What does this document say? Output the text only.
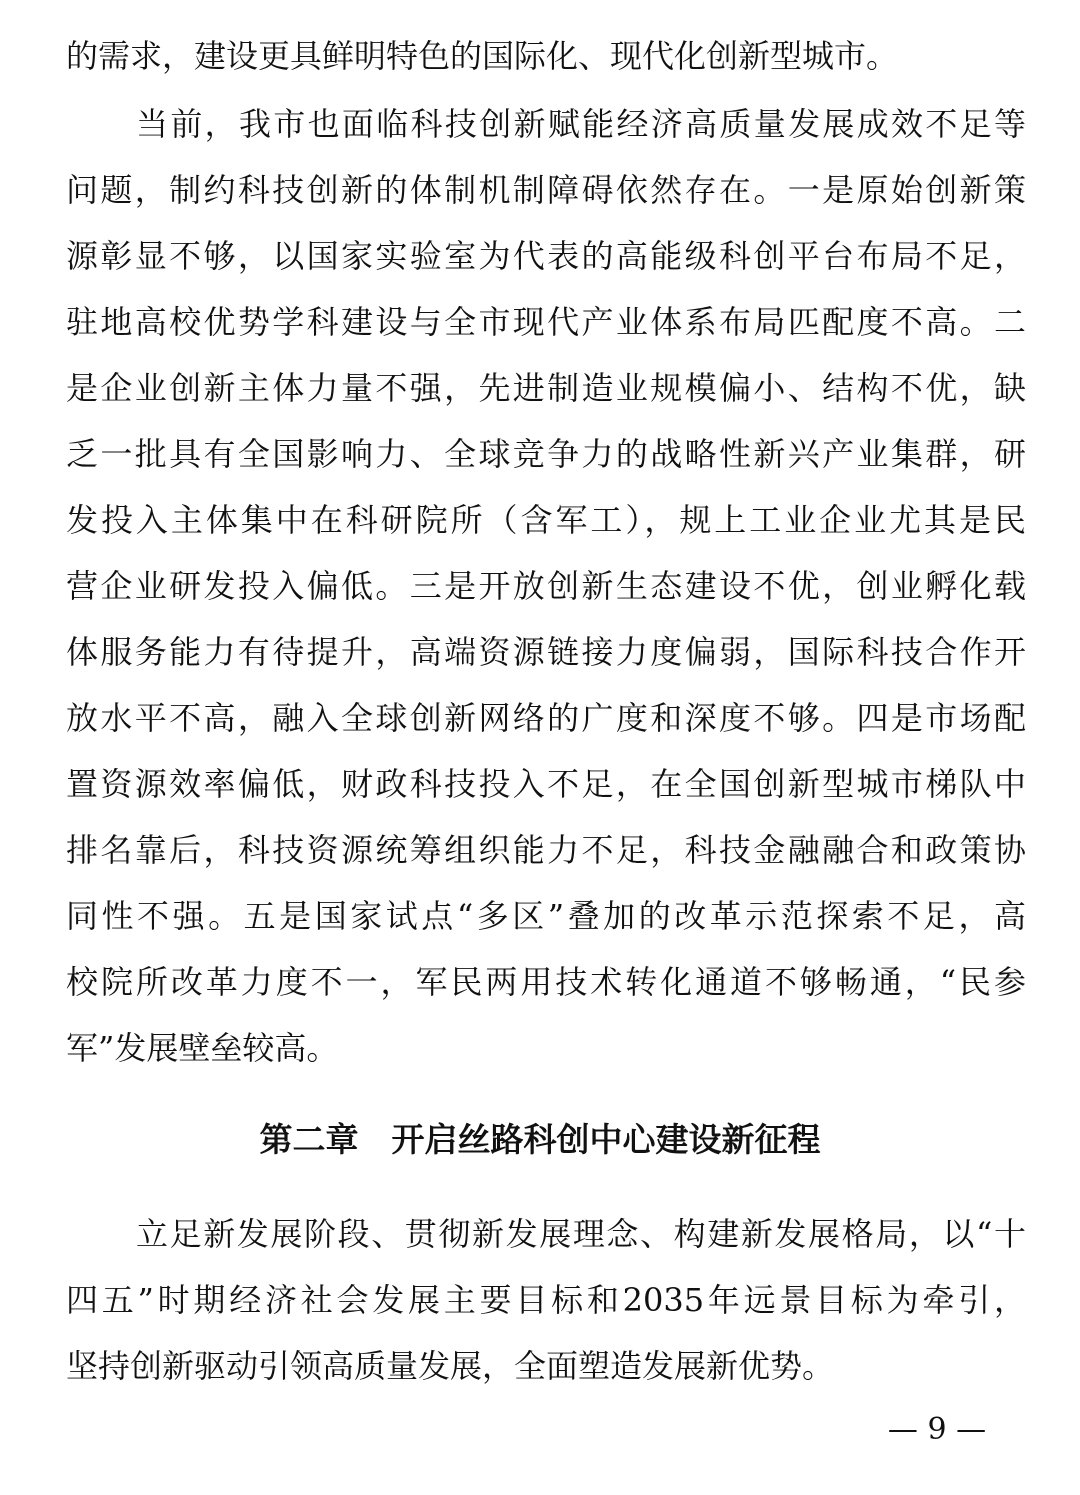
的需求，建设更具鲜明特色的国际化、现代化创新型城市。
当前，我市也面临科技创新赋能经济高质量发展成效不足等
问题，制约科技创新的体制机制障碍依然存在。一是原始创新策
源彰显不够，以国家实验室为代表的高能级科创平台布局不足，
驻地高校优势学科建设与全市现代产业体系布局匹配度不高。二
是企业创新主体力量不强，先进制造业规模偏小、结构不优，缺
乏一批具有全国影响力、全球竞争力的战略性新兴产业集群，研
发投入主体集中在科研院所（含军工），规上工业企业尤其是民
营企业研发投入偏低。三是开放创新生态建设不优，创业孵化载
体服务能力有待提升，高端资源链接力度偏弱，国际科技合作开
放水平不高，融入全球创新网络的广度和深度不够。四是市场配
置资源效率偏低，财政科技投入不足，在全国创新型城市梯队中
排名靠后，科技资源统筹组织能力不足，科技金融融合和政策协
同性不强。五是国家试点“多区”叠加的改革示范探索不足，高
校院所改革力度不一，军民两用技术转化通道不够畅通，“民参
军”发展壁垒较高。
第二章　开启丝路科创中心建设新征程
立足新发展阶段、贯彻新发展理念、构建新发展格局，以“十
四五”时期经济社会发展主要目标和2035年远景目标为牵引，
坚持创新驱动引领高质量发展，全面塑造发展新优势。
— 9 —
